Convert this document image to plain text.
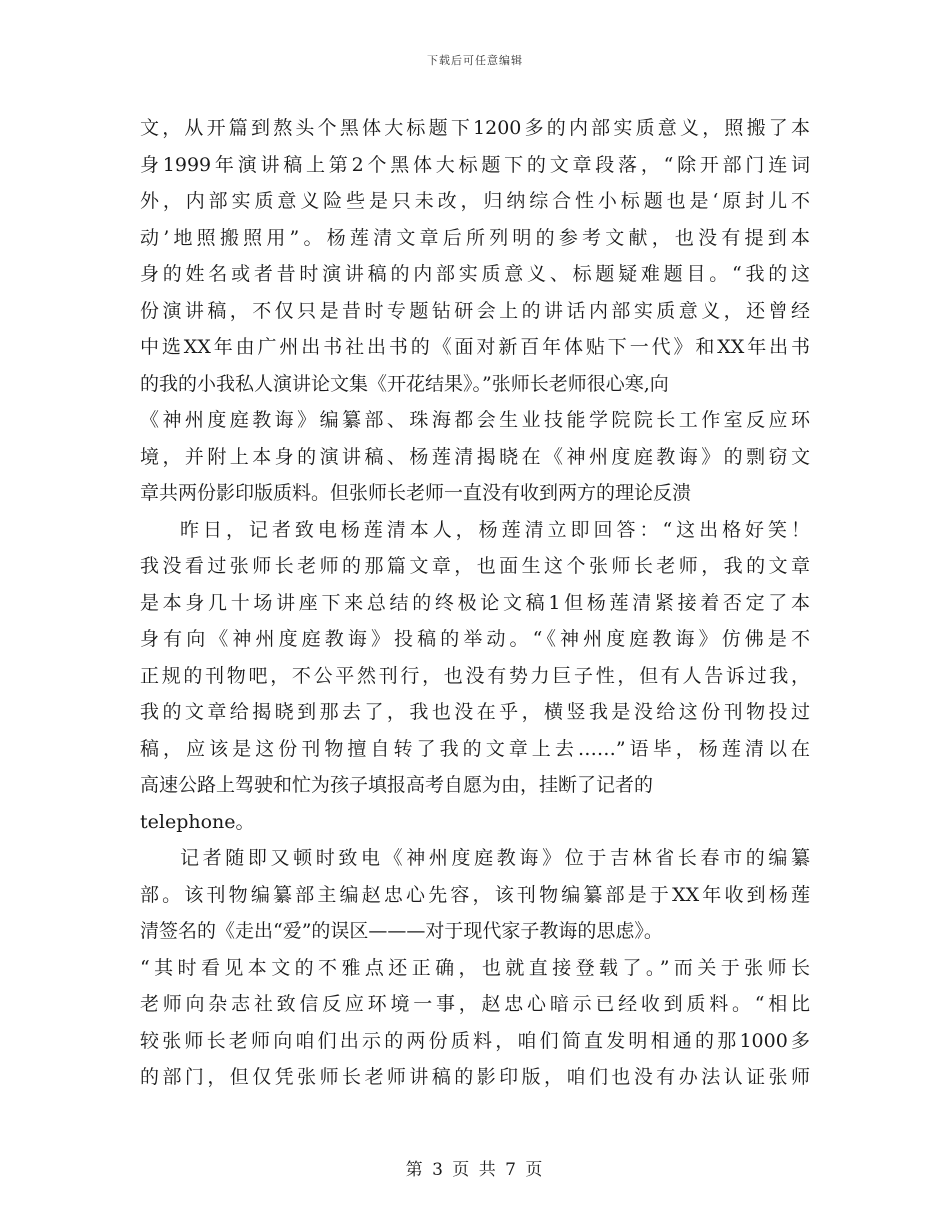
下载后可任意编辑
文，从开篇到熬头个黑体大标题下1200多的内部实质意义，照搬了本
身1999年演讲稿上第2个黑体大标题下的文章段落，“除开部门连词
外，内部实质意义险些是只未改，归纳综合性小标题也是‘原封儿不
动’地照搬照用”。杨莲清文章后所列明的参考文献，也没有提到本
身的姓名或者昔时演讲稿的内部实质意义、标题疑难题目。“我的这
份演讲稿，不仅只是昔时专题钻研会上的讲话内部实质意义，还曾经
中选XX年由广州出书社出书的《面对新百年体贴下一代》和XX年出书
的我的小我私人演讲论文集《开花结果》。”张师长老师很心寒,向
《神州度庭教诲》编纂部、珠海都会生业技能学院院长工作室反应环
境，并附上本身的演讲稿、杨莲清揭晓在《神州度庭教诲》的剽窃文
章共两份影印版质料。但张师长老师一直没有收到两方的理论反溃
昨日，记者致电杨莲清本人，杨莲清立即回答：“这出格好笑！
我没看过张师长老师的那篇文章，也面生这个张师长老师，我的文章
是本身几十场讲座下来总结的终极论文稿1但杨莲清紧接着否定了本
身有向《神州度庭教诲》投稿的举动。“《神州度庭教诲》仿佛是不
正规的刊物吧，不公平然刊行，也没有势力巨子性，但有人告诉过我，
我的文章给揭晓到那去了，我也没在乎，横竖我是没给这份刊物投过
稿，应该是这份刊物擅自转了我的文章上去……”语毕，杨莲清以在
高速公路上驾驶和忙为孩子填报高考自愿为由，挂断了记者的
telephone。
记者随即又顿时致电《神州度庭教诲》位于吉林省长春市的编纂
部。该刊物编纂部主编赵忠心先容，该刊物编纂部是于XX年收到杨莲
清签名的《走出“爱”的误区———对于现代家子教诲的思虑》。
“其时看见本文的不雅点还正确，也就直接登载了。”而关于张师长
老师向杂志社致信反应环境一事，赵忠心暗示已经收到质料。“相比
较张师长老师向咱们出示的两份质料，咱们简直发明相通的那1000多
的部门，但仅凭张师长老师讲稿的影印版，咱们也没有办法认证张师
第 3 页 共 7 页
